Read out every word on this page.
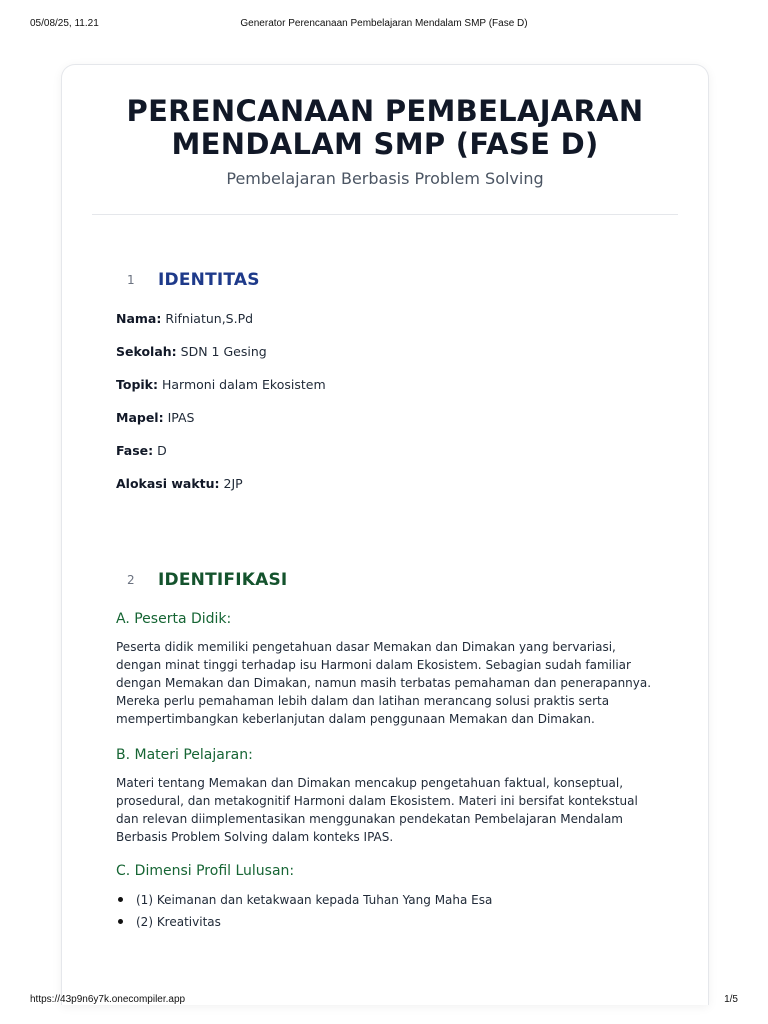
05/08/25, 11.21	Generator Perencanaan Pembelajaran Mendalam SMP (Fase D)
PERENCANAAN PEMBELAJARAN
MENDALAM SMP (FASE D)
Pembelajaran Berbasis Problem Solving
1 IDENTITAS
Nama: Rifniatun,S.Pd
Sekolah: SDN 1 Gesing
Topik: Harmoni dalam Ekosistem
Mapel: IPAS
Fase: D
Alokasi waktu: 2JP
2 IDENTIFIKASI
A. Peserta Didik:
Peserta didik memiliki pengetahuan dasar Memakan dan Dimakan yang bervariasi, dengan minat tinggi terhadap isu Harmoni dalam Ekosistem. Sebagian sudah familiar dengan Memakan dan Dimakan, namun masih terbatas pemahaman dan penerapannya. Mereka perlu pemahaman lebih dalam dan latihan merancang solusi praktis serta mempertimbangkan keberlanjutan dalam penggunaan Memakan dan Dimakan.
B. Materi Pelajaran:
Materi tentang Memakan dan Dimakan mencakup pengetahuan faktual, konseptual, prosedural, dan metakognitif Harmoni dalam Ekosistem. Materi ini bersifat kontekstual dan relevan diimplementasikan menggunakan pendekatan Pembelajaran Mendalam Berbasis Problem Solving dalam konteks IPAS.
C. Dimensi Profil Lulusan:
(1) Keimanan dan ketakwaan kepada Tuhan Yang Maha Esa
(2) Kreativitas
https://43p9n6y7k.onecompiler.app	1/5
